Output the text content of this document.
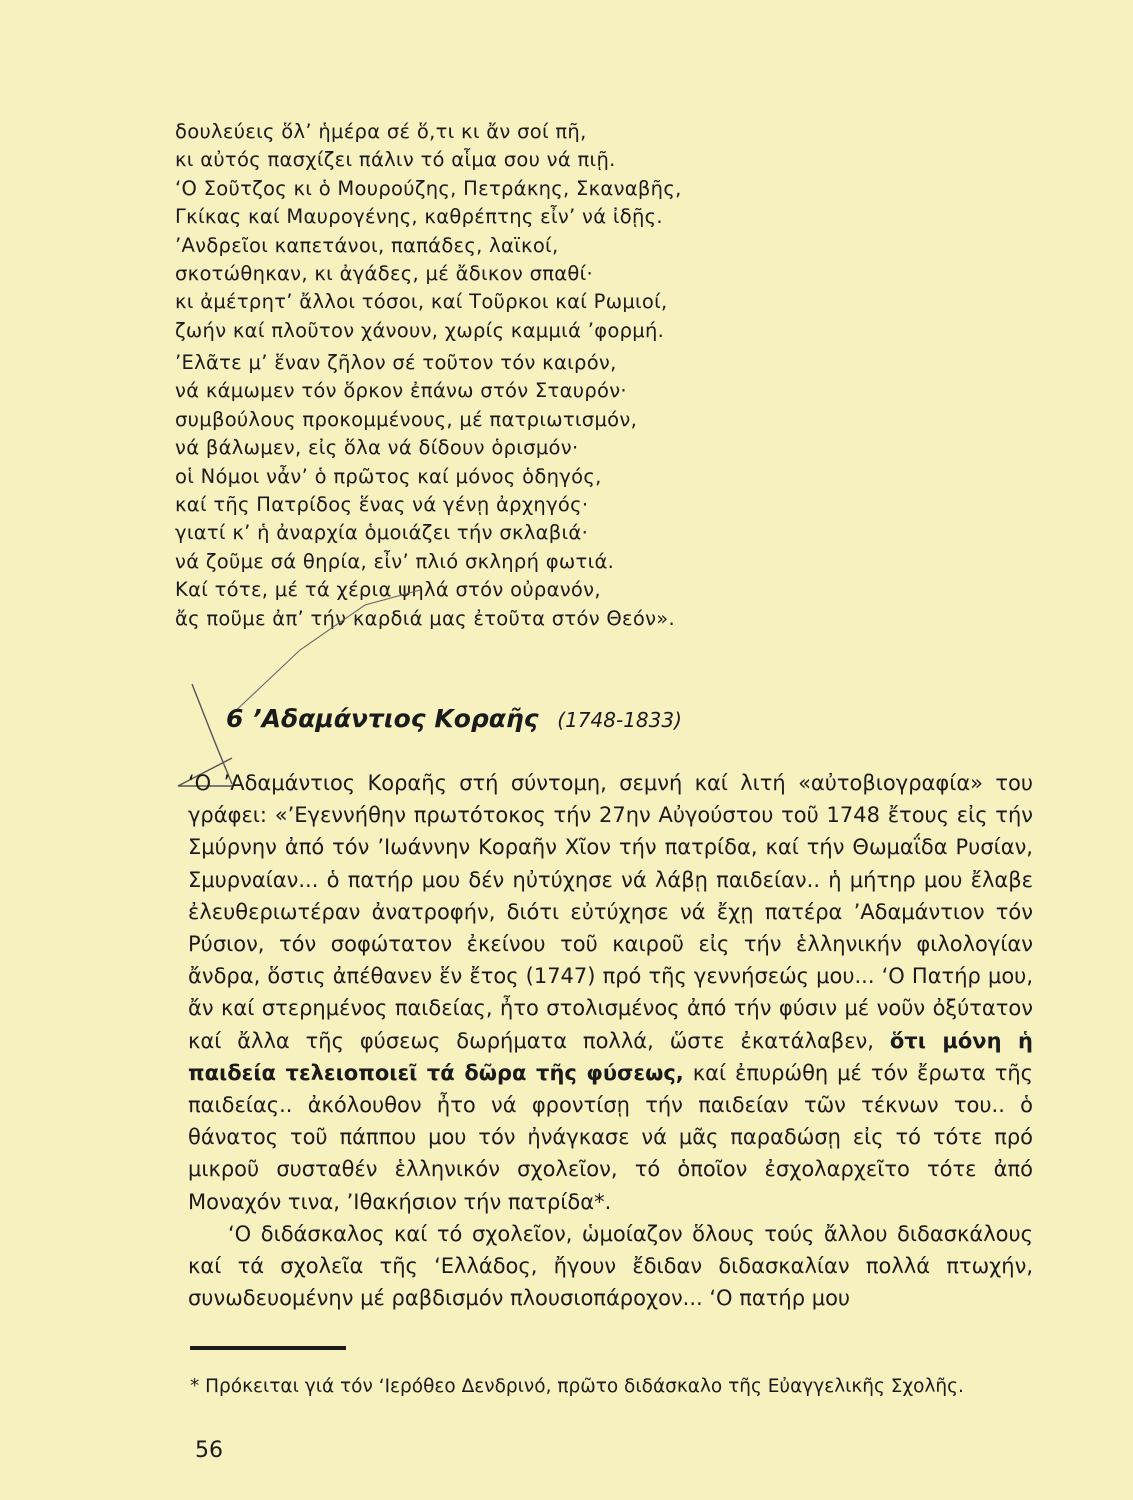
δουλεύεις ὅλ’ ἡμέρα σέ ὅ,τι κι ἄν σοί πῆ,
κι αὐτός πασχίζει πάλιν τό αἷμα σου νά πιῇ.
‘Ο Σοῦτζος κι ὁ Μουρούζης, Πετράκης, Σκαναβῆς,
Γκίκας καί Μαυρογένης, καθρέπτης εἶν’ νά ἰδῇς.
’Ανδρεῖοι καπετάνοι, παπάδες, λαϊκοί,
σκοτώθηκαν, κι ἀγάδες, μέ ἄδικον σπαθί·
κι ἀμέτρητ’ ἄλλοι τόσοι, καί Τοῦρκοι καί Ρωμιοί,
ζωήν καί πλοῦτον χάνουν, χωρίς καμμιά ’φορμή.
’Ελᾶτε μ’ ἕναν ζῆλον σέ τοῦτον τόν καιρόν,
νά κάμωμεν τόν ὅρκον ἐπάνω στόν Σταυρόν·
συμβούλους προκομμένους, μέ πατριωτισμόν,
νά βάλωμεν, εἰς ὅλα νά δίδουν ὁρισμόν·
οἱ Νόμοι νἆν’ ὁ πρῶτος καί μόνος ὁδηγός,
καί τῆς Πατρίδος ἕνας νά γένῃ ἀρχηγός·
γιατί κ’ ἡ ἀναρχία ὁμοιάζει τήν σκλαβιά·
νά ζοῦμε σά θηρία, εἶν’ πλιό σκληρή φωτιά.
Καί τότε, μέ τά χέρια ψηλά στόν οὐρανόν,
ἄς ποῦμε ἀπ’ τήν καρδιά μας ἐτοῦτα στόν Θεόν».
6 ’Αδαμάντιος Κοραῆς (1748-1833)

‘Ο ’Αδαμάντιος Κοραῆς στή σύντομη, σεμνή καί λιτή «αὐτοβιογραφία» του γράφει: «’Εγεννήθην πρωτότοκος τήν 27ην Αὐγούστου τοῦ 1748 ἔτους εἰς τήν Σμύρνην ἀπό τόν ’Ιωάννην Κοραῆν Χῖον τήν πατρίδα, καί τήν Θωμαΐδα Ρυσίαν, Σμυρναίαν... ὁ πατήρ μου δέν ηὐτύχησε νά λάβῃ παιδείαν.. ἡ μήτηρ μου ἔλαβε ἐλευθεριωτέραν ἀνατροφήν, διότι εὐτύχησε νά ἔχῃ πατέρα ’Αδαμάντιον τόν Ρύσιον, τόν σοφώτατον ἐκείνου τοῦ καιροῦ εἰς τήν ἑλληνικήν φιλολογίαν ἄνδρα, ὅστις ἀπέθανεν ἕν ἔτος (1747) πρό τῆς γεννήσεώς μου... ‘Ο Πατήρ μου, ἄν καί στερημένος παιδείας, ἦτο στολισμένος ἀπό τήν φύσιν μέ νοῦν ὀξύτατον καί ἄλλα τῆς φύσεως δωρήματα πολλά, ὥστε ἐκατάλαβεν, ὅτι μόνη ἡ παιδεία τελειοποιεῖ τά δῶρα τῆς φύσεως, καί ἐπυρώθη μέ τόν ἔρωτα τῆς παιδείας.. ἀκόλουθον ἦτο νά φροντίσῃ τήν παιδείαν τῶν τέκνων του.. ὁ θάνατος τοῦ πάππου μου τόν ἠνάγκασε νά μᾶς παραδώσῃ εἰς τό τότε πρό μικροῦ συσταθέν ἑλληνικόν σχολεῖον, τό ὁποῖον ἐσχολαρχεῖτο τότε ἀπό Μοναχόν τινα, ’Ιθακήσιον τήν πατρίδα*.

‘Ο διδάσκαλος καί τό σχολεῖον, ὡμοίαζον ὅλους τούς ἄλλου διδασκάλους καί τά σχολεῖα τῆς ‘Ελλάδος, ἤγουν ἔδιδαν διδασκαλίαν πολλά πτωχήν, συνωδευομένην μέ ραβδισμόν πλουσιοπάροχον... ‘Ο πατήρ μου

* Πρόκειται γιά τόν ‘Ιερόθεο Δενδρινό, πρῶτο διδάσκαλο τῆς Εὐαγγελικῆς Σχολῆς.
56
